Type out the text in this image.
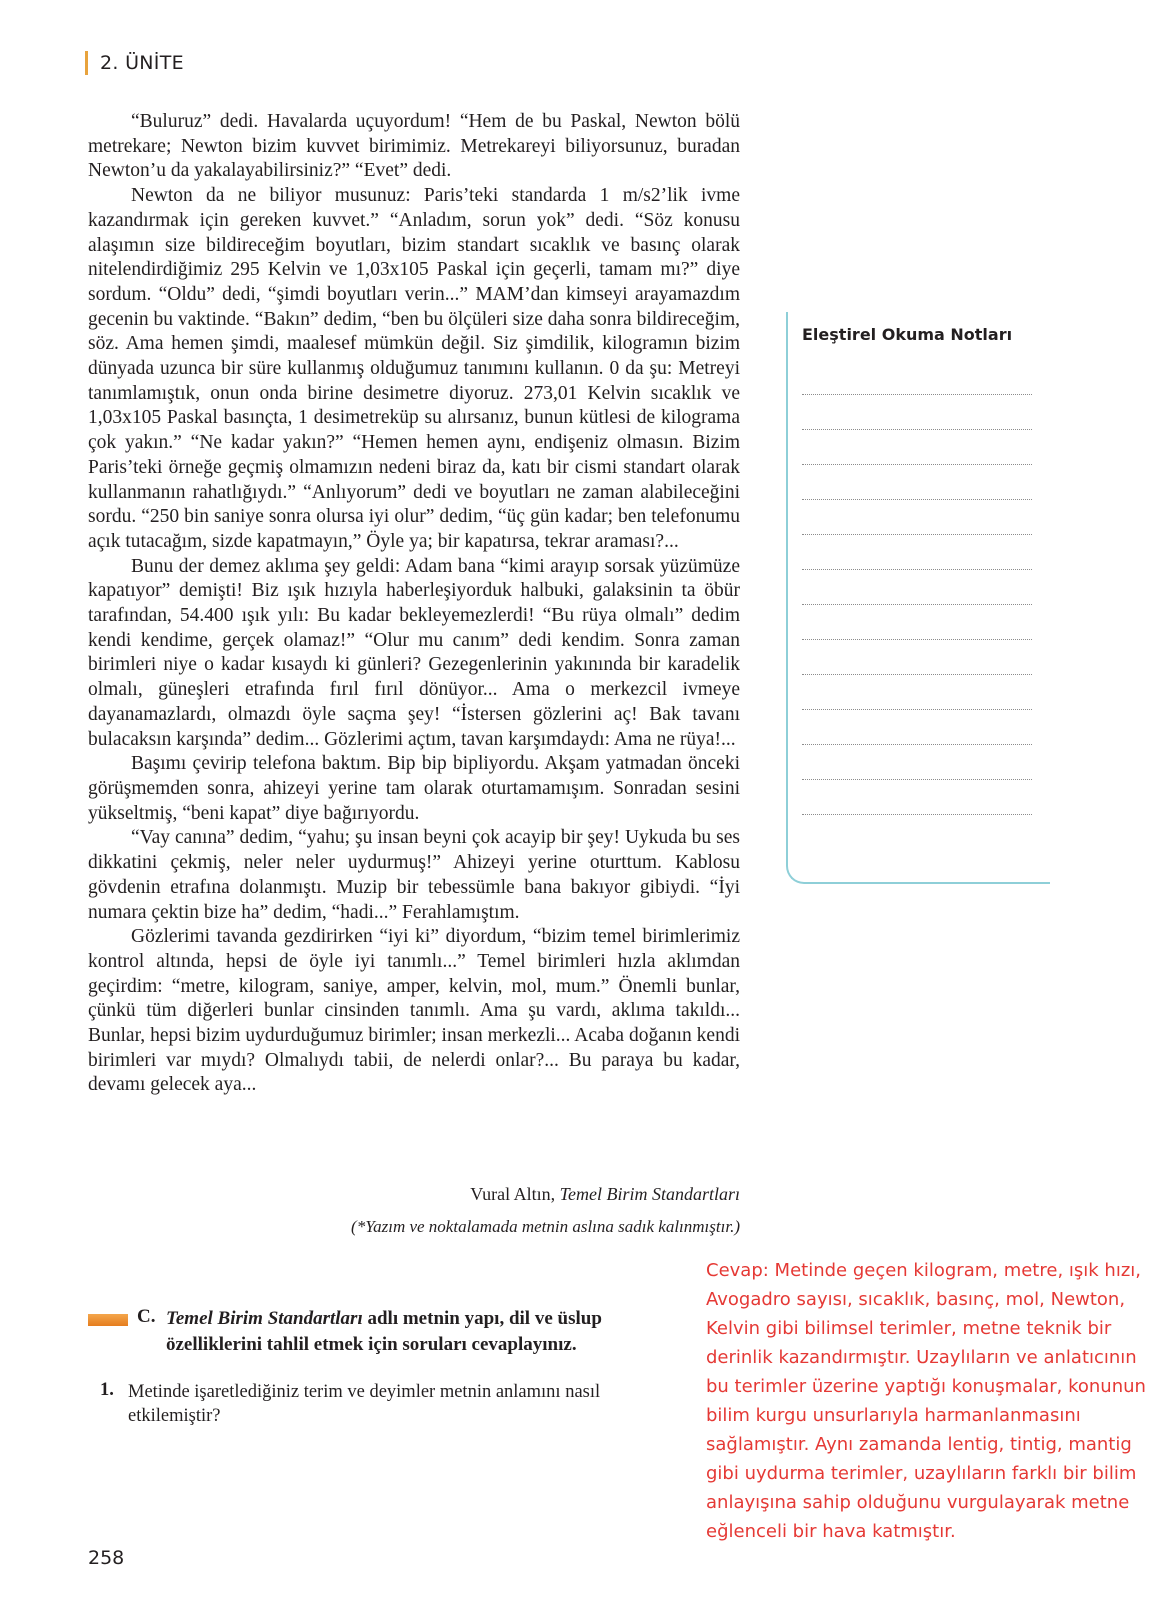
2. ÜNİTE

“Buluruz” dedi. Havalarda uçuyordum! “Hem de bu Paskal, Newton bölü metrekare; Newton bizim kuvvet birimimiz. Metrekareyi biliyorsunuz, buradan Newton’u da yakalayabilirsiniz?” “Evet” dedi.

Newton da ne biliyor musunuz: Paris’teki standarda 1 m/s2’lik ivme kazandırmak için gereken kuvvet.” “Anladım, sorun yok” dedi. “Söz konusu alaşımın size bildireceğim boyutları, bizim standart sıcaklık ve basınç olarak nitelendirdiğimiz 295 Kelvin ve 1,03x105 Paskal için geçerli, tamam mı?” diye sordum. “Oldu” dedi, “şimdi boyutları verin...” MAM’dan kimseyi arayamazdım gecenin bu vaktinde. “Bakın” dedim, “ben bu ölçüleri size daha sonra bildireceğim, söz. Ama hemen şimdi, maalesef mümkün değil. Siz şimdilik, kilogramın bizim dünyada uzunca bir süre kullanmış olduğumuz tanımını kullanın. 0 da şu: Metreyi tanımlamıştık, onun onda birine desimetre diyoruz. 273,01 Kelvin sıcaklık ve 1,03x105 Paskal basınçta, 1 desimetreküp su alırsanız, bunun kütlesi de kilograma çok yakın.” “Ne kadar yakın?” “Hemen hemen aynı, endişeniz olmasın. Bizim Paris’teki örneğe geçmiş olmamızın nedeni biraz da, katı bir cismi standart olarak kullanmanın rahatlığıydı.” “Anlıyorum” dedi ve boyutları ne zaman alabileceğini sordu. “250 bin saniye sonra olursa iyi olur” dedim, “üç gün kadar; ben telefonumu açık tutacağım, sizde kapatmayın,” Öyle ya; bir kapatırsa, tekrar araması?...

Bunu der demez aklıma şey geldi: Adam bana “kimi arayıp sorsak yüzümüze kapatıyor” demişti! Biz ışık hızıyla haberleşiyorduk halbuki, galaksinin ta öbür tarafından, 54.400 ışık yılı: Bu kadar bekleyemezlerdi! “Bu rüya olmalı” dedim kendi kendime, gerçek olamaz!” “Olur mu canım” dedi kendim. Sonra zaman birimleri niye o kadar kısaydı ki günleri? Gezegenlerinin yakınında bir karadelik olmalı, güneşleri etrafında fırıl fırıl dönüyor... Ama o merkezcil ivmeye dayanamazlardı, olmazdı öyle saçma şey! “İstersen gözlerini aç! Bak tavanı bulacaksın karşında” dedim... Gözlerimi açtım, tavan karşımdaydı: Ama ne rüya!...

Başımı çevirip telefona baktım. Bip bip bipliyordu. Akşam yatmadan önceki görüşmemden sonra, ahizeyi yerine tam olarak oturtamamışım. Sonradan sesini yükseltmiş, “beni kapat” diye bağırıyordu.

“Vay canına” dedim, “yahu; şu insan beyni çok acayip bir şey! Uykuda bu ses dikkatini çekmiş, neler neler uydurmuş!” Ahizeyi yerine oturttum. Kablosu gövdenin etrafına dolanmıştı. Muzip bir tebessümle bana bakıyor gibiydi. “İyi numara çektin bize ha” dedim, “hadi...” Ferahlamıştım.

Gözlerimi tavanda gezdirirken “iyi ki” diyordum, “bizim temel birimlerimiz kontrol altında, hepsi de öyle iyi tanımlı...” Temel birimleri hızla aklımdan geçirdim: “metre, kilogram, saniye, amper, kelvin, mol, mum.” Önemli bunlar, çünkü tüm diğerleri bunlar cinsinden tanımlı. Ama şu vardı, aklıma takıldı... Bunlar, hepsi bizim uydurduğumuz birimler; insan merkezli... Acaba doğanın kendi birimleri var mıydı? Olmalıydı tabii, de nelerdi onlar?... Bu paraya bu kadar, devamı gelecek aya...

Vural Altın, Temel Birim Standartları
(*Yazım ve noktalamada metnin aslına sadık kalınmıştır.)
Eleştirel Okuma Notları
C. Temel Birim Standartları adlı metnin yapı, dil ve üslup özelliklerini tahlil etmek için soruları cevaplayınız.
1. Metinde işaretlediğiniz terim ve deyimler metnin anlamını nasıl etkilemiştir?
Cevap: Metinde geçen kilogram, metre, ışık hızı, Avogadro sayısı, sıcaklık, basınç, mol, Newton, Kelvin gibi bilimsel terimler, metne teknik bir derinlik kazandırmıştır. Uzaylıların ve anlatıcının bu terimler üzerine yaptığı konuşmalar, konunun bilim kurgu unsurlarıyla harmanlanmasını sağlamıştır. Aynı zamanda lentig, tintig, mantig gibi uydurma terimler, uzaylıların farklı bir bilim anlayışına sahip olduğunu vurgulayarak metne eğlenceli bir hava katmıştır.
258
